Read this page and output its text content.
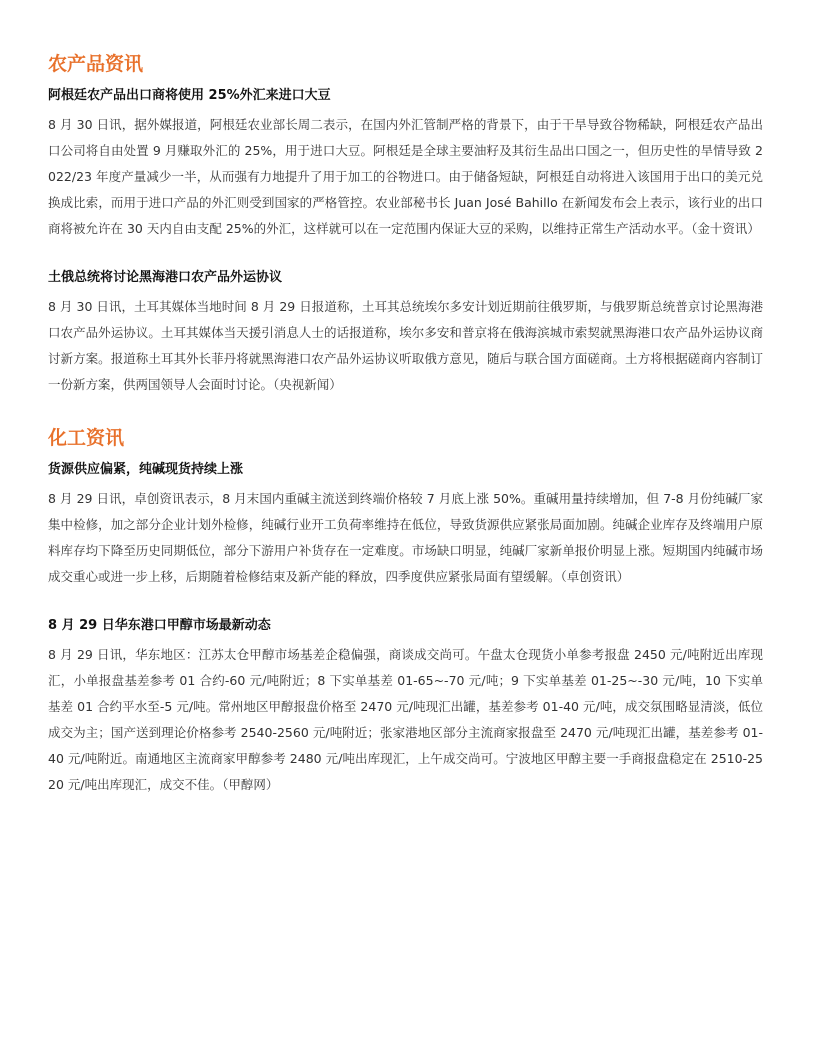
农产品资讯
阿根廷农产品出口商将使用 25%外汇来进口大豆

8 月 30 日讯，据外媒报道，阿根廷农业部长周二表示，在国内外汇管制严格的背景下，由于干旱导致谷物稀缺，阿根廷农产品出口公司将自由处置 9 月赚取外汇的 25%，用于进口大豆。阿根廷是全球主要油籽及其衍生品出口国之一，但历史性的旱情导致 2022/23 年度产量减少一半，从而强有力地提升了用于加工的谷物进口。由于储备短缺，阿根廷自动将进入该国用于出口的美元兑换成比索，而用于进口产品的外汇则受到国家的严格管控。农业部秘书长 Juan José Bahillo 在新闻发布会上表示，该行业的出口商将被允许在 30 天内自由支配 25%的外汇，这样就可以在一定范围内保证大豆的采购，以维持正常生产活动水平。（金十资讯）

土俄总统将讨论黑海港口农产品外运协议

8 月 30 日讯，土耳其媒体当地时间 8 月 29 日报道称，土耳其总统埃尔多安计划近期前往俄罗斯，与俄罗斯总统普京讨论黑海港口农产品外运协议。土耳其媒体当天援引消息人士的话报道称，埃尔多安和普京将在俄海滨城市索契就黑海港口农产品外运协议商讨新方案。报道称土耳其外长菲丹将就黑海港口农产品外运协议听取俄方意见，随后与联合国方面磋商。土方将根据磋商内容制订一份新方案，供两国领导人会面时讨论。（央视新闻）

化工资讯
货源供应偏紧，纯碱现货持续上涨

8 月 29 日讯，卓创资讯表示，8 月末国内重碱主流送到终端价格较 7 月底上涨 50%。重碱用量持续增加，但 7-8 月份纯碱厂家集中检修，加之部分企业计划外检修，纯碱行业开工负荷率维持在低位，导致货源供应紧张局面加剧。纯碱企业库存及终端用户原料库存均下降至历史同期低位，部分下游用户补货存在一定难度。市场缺口明显，纯碱厂家新单报价明显上涨。短期国内纯碱市场成交重心或进一步上移，后期随着检修结束及新产能的释放，四季度供应紧张局面有望缓解。（卓创资讯）

8 月 29 日华东港口甲醇市场最新动态

8 月 29 日讯，华东地区：江苏太仓甲醇市场基差企稳偏强，商谈成交尚可。午盘太仓现货小单参考报盘 2450 元/吨附近出库现汇，小单报盘基差参考 01 合约-60 元/吨附近；8 下实单基差 01-65~-70 元/吨；9 下实单基差 01-25~-30 元/吨，10 下实单基差 01 合约平水至-5 元/吨。常州地区甲醇报盘价格至 2470 元/吨现汇出罐，基差参考 01-40 元/吨，成交氛围略显清淡，低位成交为主；国产送到理论价格参考 2540-2560 元/吨附近；张家港地区部分主流商家报盘至 2470 元/吨现汇出罐，基差参考 01-40 元/吨附近。南通地区主流商家甲醇参考 2480 元/吨出库现汇，上午成交尚可。宁波地区甲醇主要一手商报盘稳定在 2510-2520 元/吨出库现汇，成交不佳。（甲醇网）
